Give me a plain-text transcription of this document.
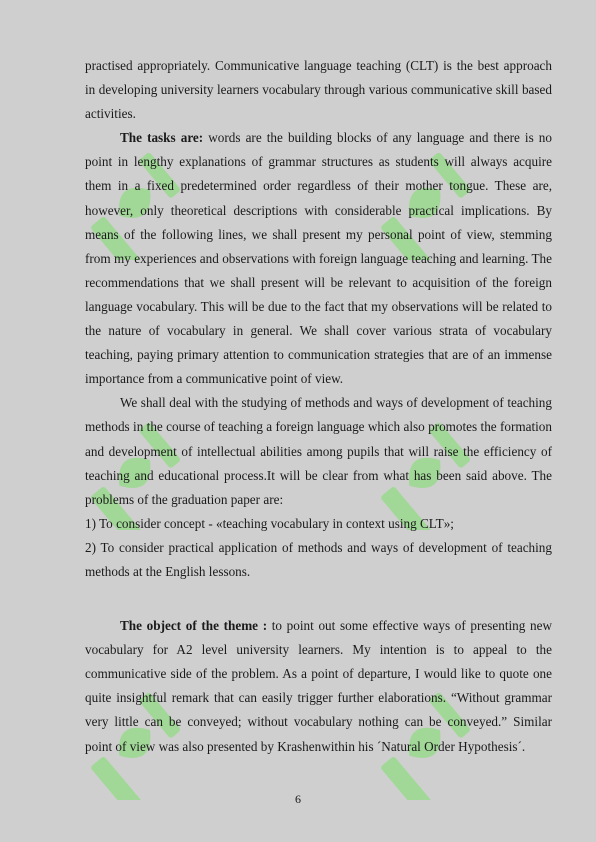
practised appropriately. Communicative language teaching (CLT) is the best approach in developing university learners vocabulary through various communicative skill based activities.

The tasks are: words are the building blocks of any language and there is no point in lengthy explanations of grammar structures as students will always acquire them in a fixed predetermined order regardless of their mother tongue. These are, however, only theoretical descriptions with considerable practical implications. By means of the following lines, we shall present my personal point of view, stemming from my experiences and observations with foreign language teaching and learning. The recommendations that we shall present will be relevant to acquisition of the foreign language vocabulary. This will be due to the fact that my observations will be related to the nature of vocabulary in general. We shall cover various strata of vocabulary teaching, paying primary attention to communication strategies that are of an immense importance from a communicative point of view.

We shall deal with the studying of methods and ways of development of teaching methods in the course of teaching a foreign language which also promotes the formation and development of intellectual abilities among pupils that will raise the efficiency of teaching and educational process.It will be clear from what has been said above. The problems of the graduation paper are:

1) To consider concept - «teaching vocabulary in context using CLT»;

2) To consider practical application of methods and ways of development of teaching methods at the English lessons.

The object of the theme : to point out some effective ways of presenting new vocabulary for A2 level university learners. My intention is to appeal to the communicative side of the problem. As a point of departure, I would like to quote one quite insightful remark that can easily trigger further elaborations. “Without grammar very little can be conveyed; without vocabulary nothing can be conveyed.” Similar point of view was also presented by Krashenwithin his ´Natural Order Hypothesis´.

6
